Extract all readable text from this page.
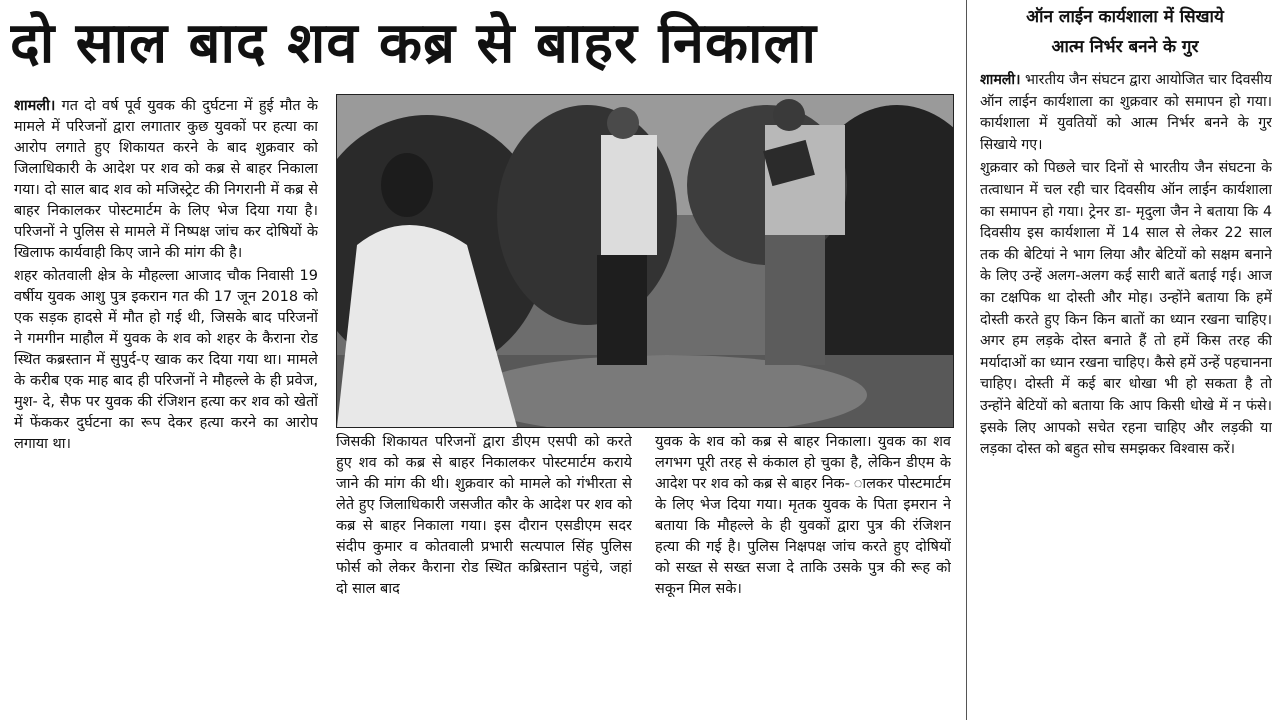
दो साल बाद शव कब्र से बाहर निकाला

शामली। गत दो वर्ष पूर्व युवक की दुर्घटना में हुई मौत के मामले में परिजनों द्वारा लगातार कुछ युवकों पर हत्या का आरोप लगाते हुए शिकायत करने के बाद शुक्रवार को जिलाधिकारी के आदेश पर शव को कब्र से बाहर निकाला गया। दो साल बाद शव को मजिस्ट्रेट की निगरानी में कब्र से बाहर निकालकर पोस्टमार्टम के लिए भेज दिया गया है। परिजनों ने पुलिस से मामले में निष्पक्ष जांच कर दोषियों के खिलाफ कार्यवाही किए जाने की मांग की है।

शहर कोतवाली क्षेत्र के मौहल्ला आजाद चौक निवासी 19 वर्षीय युवक आशु पुत्र इकरान गत की 17 जून 2018 को एक सड़क हादसे में मौत हो गई थी, जिसके बाद परिजनों ने गमगीन माहौल में युवक के शव को शहर के कैराना रोड स्थित कब्रस्तान में सुपुर्द-ए खाक कर दिया गया था। मामले के करीब एक माह बाद ही परिजनों ने मौहल्ले के ही प्रवेज, मुश- दे, सैफ पर युवक की रंजिशन हत्या कर शव को खेतों में फेंककर दुर्घटना का रूप देकर हत्या करने का आरोप लगाया था।	जिसकी शिकायत परिजनों द्वारा डीएम एसपी को करते हुए शव को कब्र से बाहर निकालकर पोस्टमार्टम कराये जाने की मांग की थी। शुक्रवार को मामले को गंभीरता से लेते हुए जिलाधिकारी जसजीत कौर के आदेश पर शव को कब्र से बाहर निकाला गया। इस दौरान एसडीएम सदर संदीप कुमार व कोतवाली प्रभारी सत्यपाल सिंह पुलिस फोर्स को लेकर कैराना रोड स्थित कब्रिस्तान पहुंचे, जहां दो साल बाद

युवक के शव को कब्र से बाहर निकाला। युवक का शव लगभग पूरी तरह से कंकाल हो चुका है, लेकिन डीएम के आदेश पर शव को कब्र से बाहर निक- ालकर पोस्टमार्टम के लिए भेज दिया गया। मृतक युवक के पिता इमरान ने बताया कि मौहल्ले के ही युवकों द्वारा पुत्र की रंजिशन हत्या की गई है। पुलिस निक्षपक्ष जांच करते हुए दोषियों को सख्त से सख्त सजा दे ताकि उसके पुत्र की रूह को सकून मिल सके।

ऑन लाईन कार्यशाला में सिखाये
आत्म निर्भर बनने के गुर

शामली। भारतीय जैन संघटन द्वारा आयोजित चार दिवसीय ऑन लाईन कार्यशाला का शुक्रवार को समापन हो गया। कार्यशाला में युवतियों को आत्म निर्भर बनने के गुर सिखाये गए।

शुक्रवार को पिछले चार दिनों से भारतीय जैन संघटना के तत्वाधान में चल रही चार दिवसीय ऑन लाईन कार्यशाला का समापन हो गया। ट्रेनर डा- मृदुला जैन ने बताया कि 4 दिवसीय इस कार्यशाला में 14 साल से लेकर 22 साल तक की बेटियां ने भाग लिया और बेटियों को सक्षम बनाने के लिए उन्हें अलग-अलग कई सारी बातें बताई गई। आज का टक्षपिक था दोस्ती और मोह। उन्होंने बताया कि हमें दोस्ती करते हुए किन किन बातों का ध्यान रखना चाहिए। अगर हम लड़के दोस्त बनाते हैं तो हमें किस तरह की मर्यादाओं का ध्यान रखना चाहिए। कैसे हमें उन्हें पहचानना चाहिए। दोस्ती में कई बार धोखा भी हो सकता है तो उन्होंने बेटियों को बताया कि आप किसी धोखे में न फंसे। इसके लिए आपको सचेत रहना चाहिए और लड़की या लड़का दोस्त को बहुत सोच समझकर विश्वास करें।
